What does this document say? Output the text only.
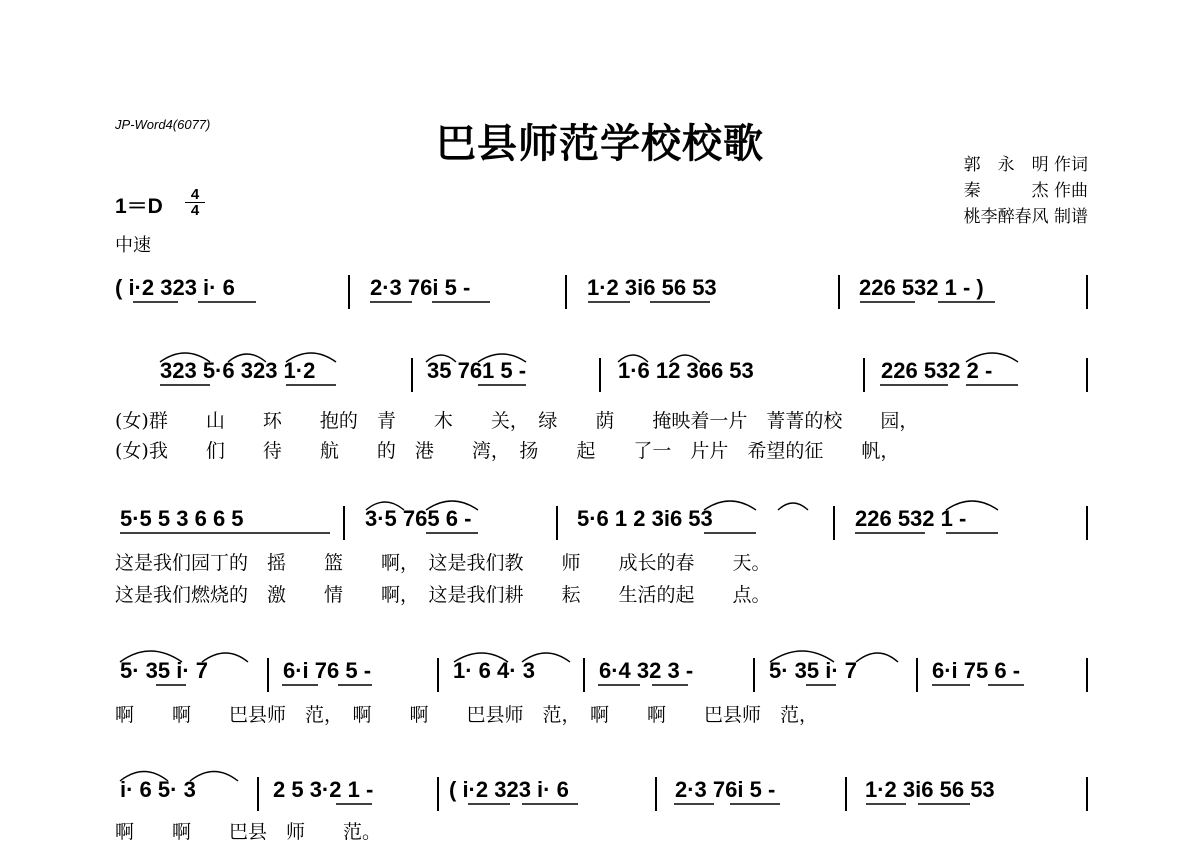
JP-Word4(6077)	巴县师范学校校歌	郭　永　明 作词
秦　　　杰 作曲
桃李醉春风 制谱
1＝D
4
4
中速
( i·2 323 i· 6	2·3 76i 5 -	1·2 3i6 56 53	226 532 1 - )
323 5·6 323 1·2	35 761 5 -	1·6 12 366 53	226 532 2 -
(女)群　　山　　环　　抱的　青　　木　　关，　绿　　荫　　掩映着一片　菁菁的校　　园，
(女)我　　们　　待　　航　　的　港　　湾，　扬　　起　　了一　片片　希望的征　　帆，
5·5 5 3 6 6 5	3·5 765 6 -	5·6 1 2 3i6 53	226 532 1 -
这是我们园丁的　摇　　篮　　啊，　这是我们教　　师　　成长的春　　天。
这是我们燃烧的　激　　情　　啊，　这是我们耕　　耘　　生活的起　　点。
5· 35 i· 7	6·i 76 5 -	1· 6 4· 3	6·4 32 3 -	5· 35 i· 7	6·i 75 6 -
啊　　啊　　巴县师　范，　啊　　啊　　巴县师　范，　啊　　啊　　巴县师　范，
i· 6 5· 3	2 5 3·2 1 -	( i·2 323 i· 6	2·3 76i 5 -	1·2 3i6 56 53
啊　　啊　　巴县　师　　范。
